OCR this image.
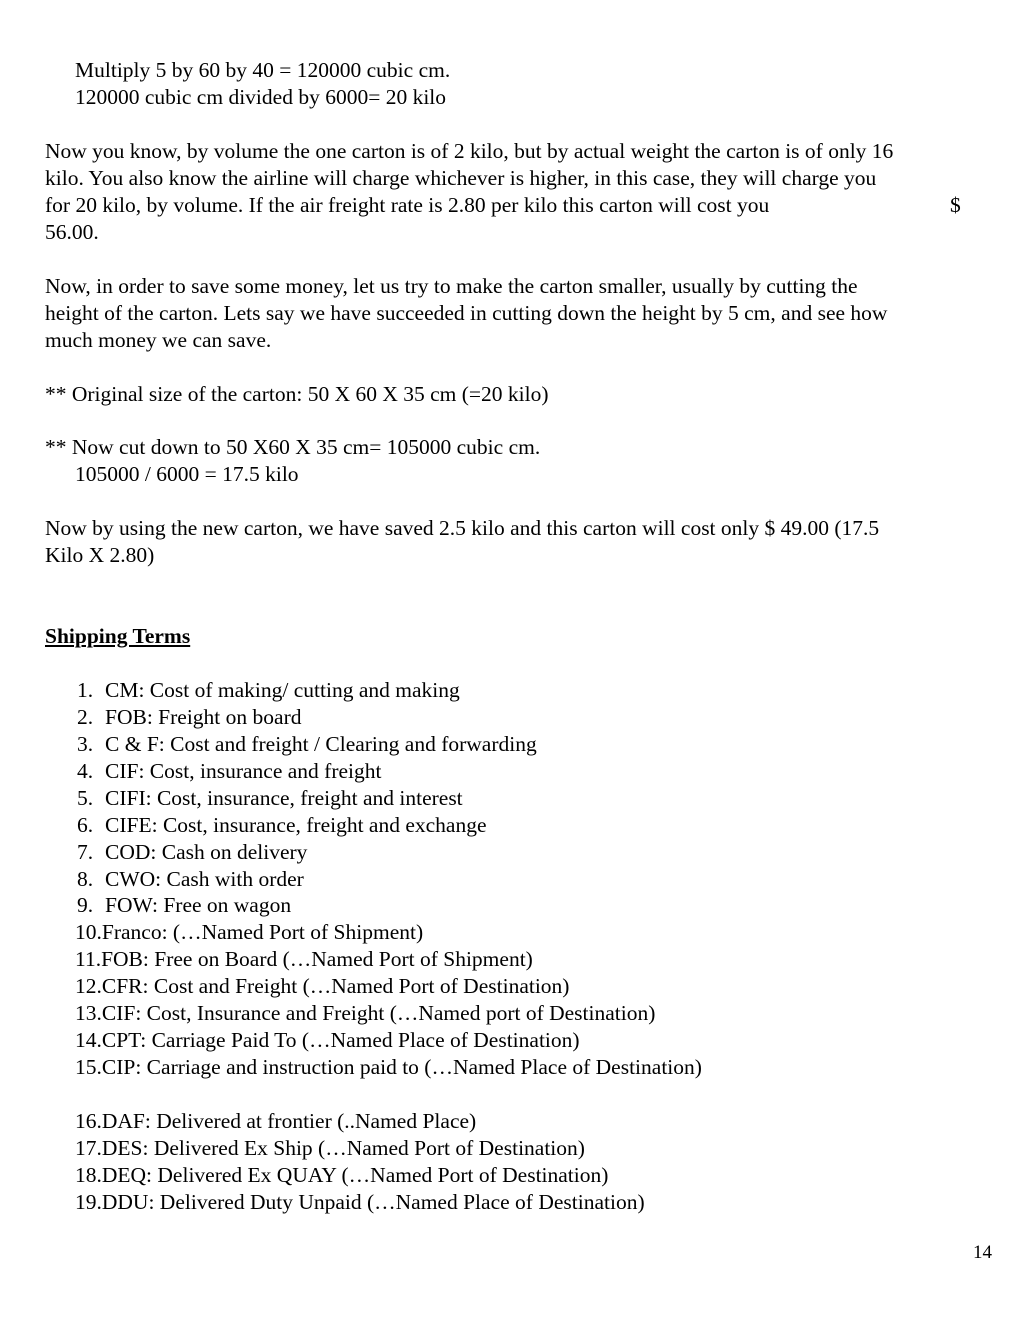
Multiply 5 by 60 by 40 = 120000 cubic cm.

120000 cubic cm divided by 6000= 20 kilo

Now you know, by volume the one carton is of 2 kilo, but by actual weight the carton is of only 16

kilo. You also know the airline will charge whichever is higher, in this case, they will charge you

for 20 kilo, by volume. If the air freight rate is 2.80 per kilo this carton will cost you	$

56.00.

Now, in order to save some money, let us try to make the carton smaller, usually by cutting the

height of the carton. Lets say we have succeeded in cutting down the height by 5 cm, and see how

much money we can save.

** Original size of the carton: 50 X 60 X 35 cm (=20 kilo)

** Now cut down to 50 X60 X 35 cm= 105000 cubic cm.

105000 / 6000 = 17.5 kilo

Now by using the new carton, we have saved 2.5 kilo and this carton will cost only $ 49.00 (17.5

Kilo X 2.80)

Shipping Terms
1. CM: Cost of making/ cutting and making
2. FOB: Freight on board
3. C & F: Cost and freight / Clearing and forwarding
4. CIF: Cost, insurance and freight
5. CIFI: Cost, insurance, freight and interest
6. CIFE: Cost, insurance, freight and exchange
7. COD: Cash on delivery
8. CWO: Cash with order
9. FOW: Free on wagon
10.Franco: (…Named Port of Shipment)
11.FOB: Free on Board (…Named Port of Shipment)
12.CFR: Cost and Freight (…Named Port of Destination)
13.CIF: Cost, Insurance and Freight (…Named port of Destination)
14.CPT: Carriage Paid To (…Named Place of Destination)
15.CIP: Carriage and instruction paid to (…Named Place of Destination)
16.DAF: Delivered at frontier (..Named Place)
17.DES: Delivered Ex Ship (…Named Port of Destination)
18.DEQ: Delivered Ex QUAY (…Named Port of Destination)
19.DDU: Delivered Duty Unpaid (…Named Place of Destination)
14
